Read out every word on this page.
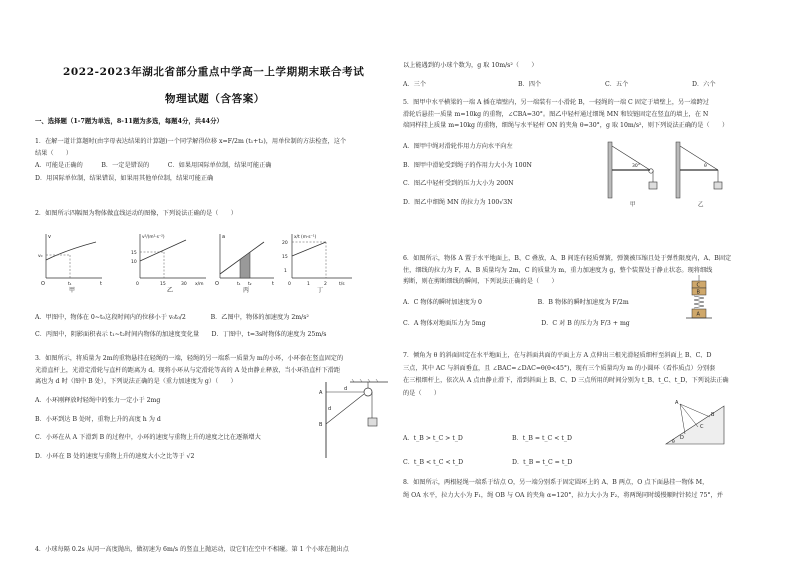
2022-2023年湖北省部分重点中学高一上学期期末联合考试
物理试题（含答案）
一、选择题（1-7题为单选，8-11题为多选，每题4分，共44分）
1．在解一道计算题时(由字母表达结果的计算题)一个同学解得位移 x=F/2m (t₁+t₂)，用单位制的方法检查，这个
结果（　　）
A．可能是正确的　　　B．一定是错误的　　　C．如果用国际单位制，结果可能正确
D．用国际单位制，结果错误，如果用其他单位制，结果可能正确
2．如图所示四幅图为物体做直线运动的图像，下列说法正确的是（　　）
v
v₀
O	t₁	t
甲
v²/(m²·s⁻²)
15
10
0	15	30 x/m
乙
a
O	t₁ t₂	t
丙
x/t (m·s⁻¹)
20
15
1
0	1	2	t/s
丁
A．甲图中，物体在 0~t₀这段时间内的位移小于 v₀t₀/2　　　　B．乙图中，物体的加速度为 2m/s²
C．丙图中，阴影面积表示 t₁~t₂时间内物体的加速度变化量　　D．丁图中，t=3s时物体的速度为 25m/s
3．如图所示，将质量为 2m的重物悬挂在轻绳的一端，轻绳的另一端系一质量为 m的小环，小环套在竖直固定的
光滑直杆上，光滑定滑轮与直杆的距离为 d。现将小环从与定滑轮等高的 A 处由静止释放，当小环沿直杆下滑距
离也为 d 时（图中 B 处），下列说法正确的是（重力加速度为 g）（　　）
A．小环刚释放时轻绳中的张力一定小于 2mg
B．小环到达 B 处时，重物上升的高度 h 为 d
C．小环在从 A 下滑到 B 的过程中，小环的速度与重物上升的速度之比在逐渐增大
D．小环在 B 处的速度与重物上升的速度大小之比等于 √2
A
B
d
d
4．小球每隔 0.2s 从同一高度抛出，做初速为 6m/s 的竖直上抛运动，设它们在空中不相碰。第 1 个小球在抛出点
以上能遇到的小球个数为，g 取 10m/s²（　　）
A．三个	B．四个	C．五个	D．六个
5．图甲中水平横梁的一端 A 插在墙壁内，另一端装有一小滑轮 B，一轻绳的一端 C 固定于墙壁上，另一端跨过
滑轮后悬挂一质量 m=10kg 的重物，∠CBA=30°。图乙中轻杆通过细绳 MN 和铰链固定在竖直的墙上，在 N
端同样挂上质量 m=10kg 的重物，细绳与水平轻杆 ON 的夹角 θ=30°，g 取 10m/s²，则下列说法正确的是（　　）
A．图甲中绳对滑轮作用力方向水平向左
B．图甲中滑轮受到绳子的作用力大小为 100N
C．图乙中轻杆受到的压力大小为 200N
D．图乙中细绳 MN 的拉力为 100√3N
30°
甲
θ
乙
6．如图所示，物体 A 置于水平地面上，B、C 叠放，A、B 间连有轻质弹簧，弹簧被压缩且处于弹性限度内，A、B固定
住，细线的拉力为 F，A、B 质量均为 2m，C 的质量为 m，重力加速度为 g，整个装置处于静止状态。现将细线
剪断，则在剪断细线的瞬间，下列说法正确的是（　　）
A．C 物体的瞬时加速度为 0　　　　　　　　　B．B 物体的瞬时加速度为 F/2m
C．A 物体对地面压力为 5mg　　　　　　　　　D．C 对 B 的压力为 F/3 + mg
C
B
A
7．倾角为 θ 的斜面固定在水平地面上，在与斜面共面的平面上方 A 点伸出三根光滑轻质细杆至斜面上 B、C、D
三点，其中 AC 与斜面垂直，且 ∠BAC=∠DAC=θ(θ<45°)，现有三个质量均为 m 的小圆环（看作质点）分别套
在三根细杆上，依次从 A 点由静止滑下，滑到斜面上 B、C、D 三点所用的时间分别为 t_B、t_C、t_D，下列说法正确
的是（　　）
A．t_B > t_C > t_D	B．t_B = t_C < t_D
C．t_B < t_C < t_D	D．t_B = t_C = t_D
A
B
C
D
θ
8．如图所示，两根轻绳一端系于结点 O，另一端分别系于固定圆环上的 A、B 两点，O 点下面悬挂一物体 M，
绳 OA 水平，拉力大小为 F₁，绳 OB 与 OA 的夹角 α=120°，拉力大小为 F₂，将两绳同时缓慢顺时针转过 75°，并
